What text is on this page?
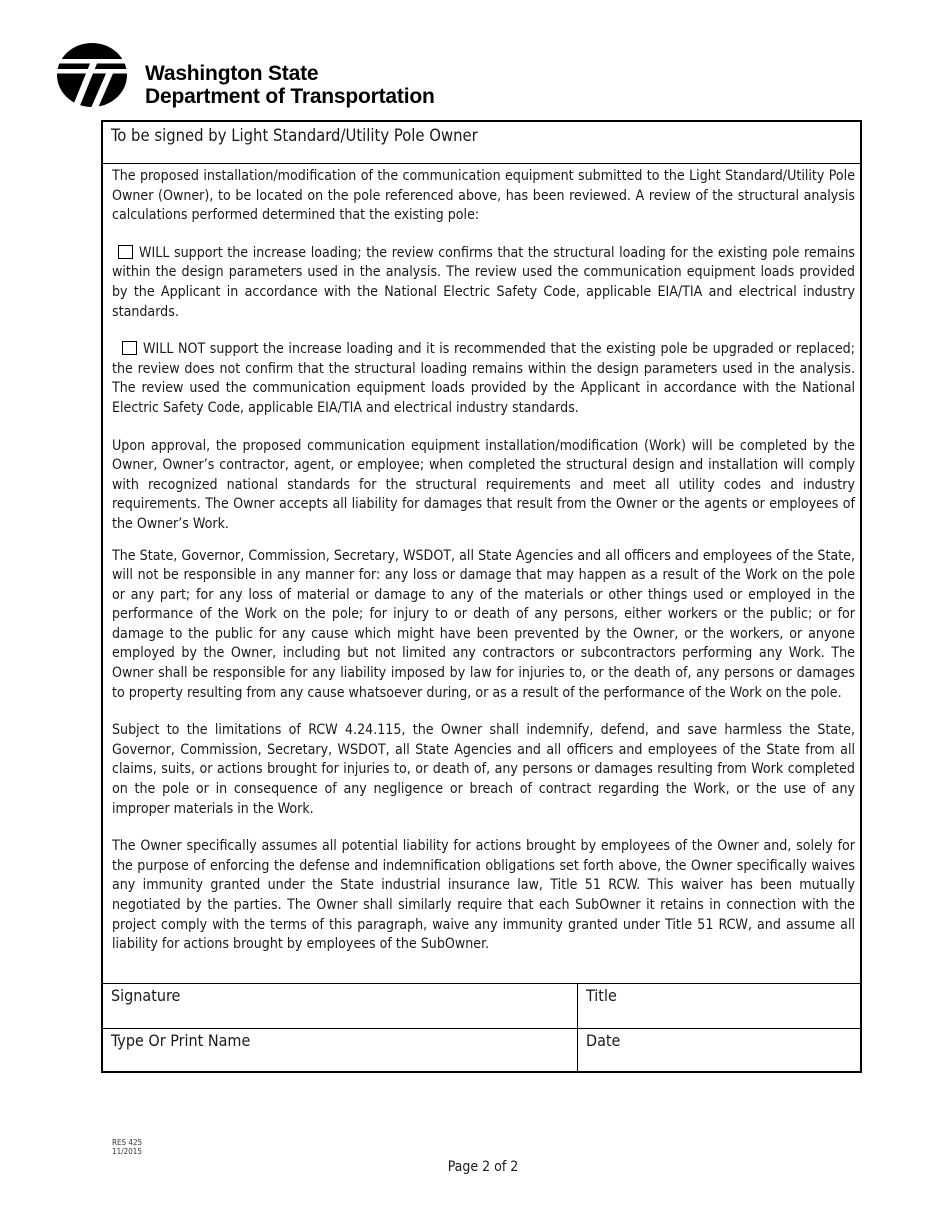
Washington State
Department of Transportation
To be signed by Light Standard/Utility Pole Owner

The proposed installation/modification of the communication equipment submitted to the Light Standard/Utility Pole Owner (Owner), to be located on the pole referenced above, has been reviewed. A review of the structural analysis calculations performed determined that the existing pole:

WILL support the increase loading; the review confirms that the structural loading for the existing pole remains within the design parameters used in the analysis. The review used the communication equipment loads provided by the Applicant in accordance with the National Electric Safety Code, applicable EIA/TIA and electrical industry standards.

WILL NOT support the increase loading and it is recommended that the existing pole be upgraded or replaced; the review does not confirm that the structural loading remains within the design parameters used in the analysis. The review used the communication equipment loads provided by the Applicant in accordance with the National Electric Safety Code, applicable EIA/TIA and electrical industry standards.

Upon approval, the proposed communication equipment installation/modification (Work) will be completed by the Owner, Owner’s contractor, agent, or employee; when completed the structural design and installation will comply with recognized national standards for the structural requirements and meet all utility codes and industry requirements. The Owner accepts all liability for damages that result from the Owner or the agents or employees of the Owner’s Work.

The State, Governor, Commission, Secretary, WSDOT, all State Agencies and all officers and employees of the State, will not be responsible in any manner for: any loss or damage that may happen as a result of the Work on the pole or any part; for any loss of material or damage to any of the materials or other things used or employed in the performance of the Work on the pole; for injury to or death of any persons, either workers or the public; or for damage to the public for any cause which might have been prevented by the Owner, or the workers, or anyone employed by the Owner, including but not limited any contractors or subcontractors performing any Work. The Owner shall be responsible for any liability imposed by law for injuries to, or the death of, any persons or damages to property resulting from any cause whatsoever during, or as a result of the performance of the Work on the pole.

Subject to the limitations of RCW 4.24.115, the Owner shall indemnify, defend, and save harmless the State, Governor, Commission, Secretary, WSDOT, all State Agencies and all officers and employees of the State from all claims, suits, or actions brought for injuries to, or death of, any persons or damages resulting from Work completed on the pole or in consequence of any negligence or breach of contract regarding the Work, or the use of any improper materials in the Work.

The Owner specifically assumes all potential liability for actions brought by employees of the Owner and, solely for the purpose of enforcing the defense and indemnification obligations set forth above, the Owner specifically waives any immunity granted under the State industrial insurance law, Title 51 RCW. This waiver has been mutually negotiated by the parties. The Owner shall similarly require that each SubOwner it retains in connection with the project comply with the terms of this paragraph, waive any immunity granted under Title 51 RCW, and assume all liability for actions brought by employees of the SubOwner.

Signature	Title
Type Or Print Name	Date
RES 425
11/2015
Page 2 of 2
